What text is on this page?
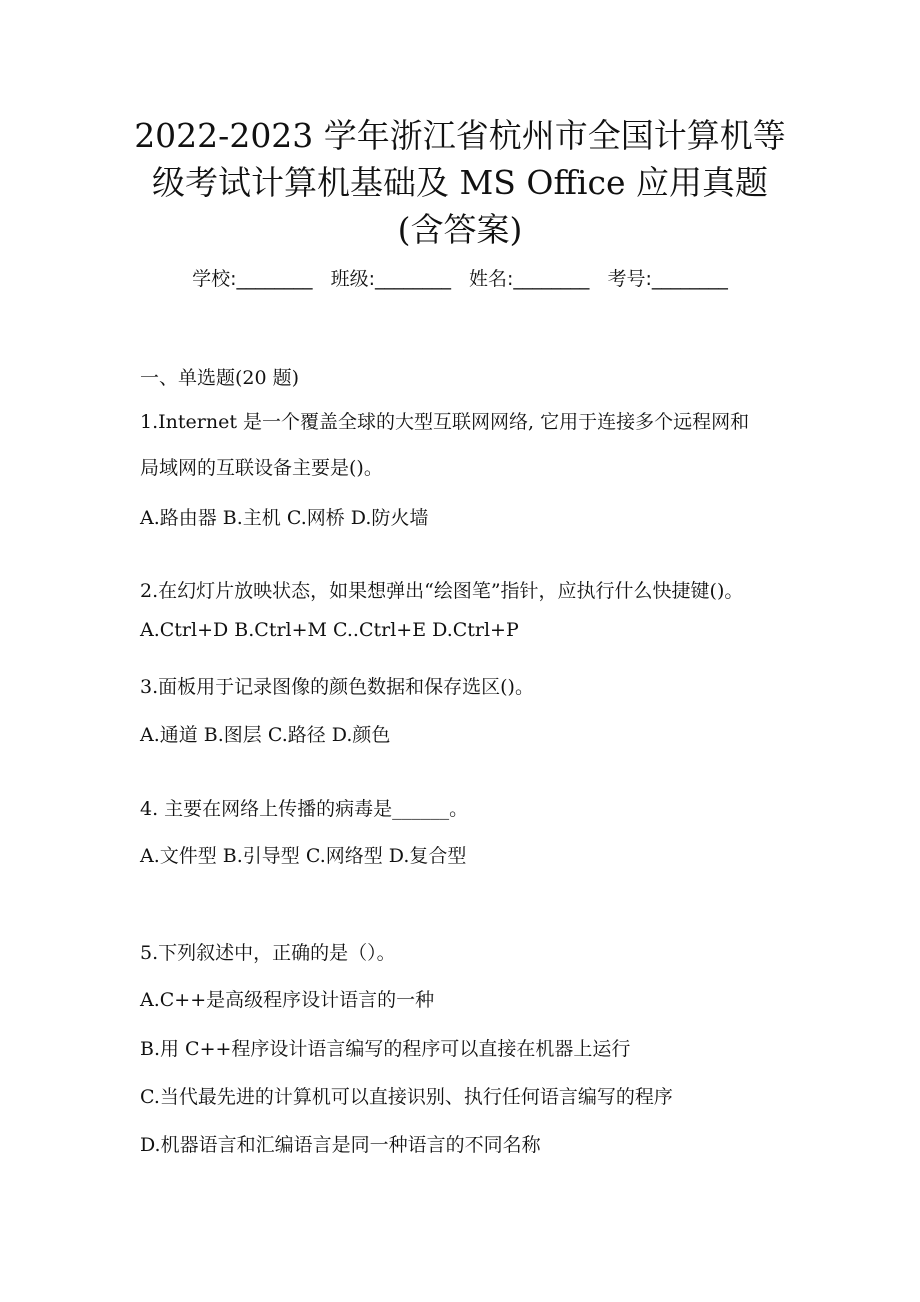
2022-2023 学年浙江省杭州市全国计算机等
级考试计算机基础及 MS Office 应用真题
(含答案)
学校:________ 班级:________ 姓名:________ 考号:________
一、单选题(20 题)
1.Internet 是一个覆盖全球的大型互联网网络, 它用于连接多个远程网和
局域网的互联设备主要是()。
A.路由器 B.主机 C.网桥 D.防火墙
2.在幻灯片放映状态，如果想弹出“绘图笔”指针，应执行什么快捷键()。
A.Ctrl+D B.Ctrl+M C..Ctrl+E D.Ctrl+P
3.面板用于记录图像的颜色数据和保存选区()。
A.通道 B.图层 C.路径 D.颜色
4. 主要在网络上传播的病毒是______。
A.文件型 B.引导型 C.网络型 D.复合型
5.下列叙述中，正确的是（）。
A.C++是高级程序设计语言的一种
B.用 C++程序设计语言编写的程序可以直接在机器上运行
C.当代最先进的计算机可以直接识别、执行任何语言编写的程序
D.机器语言和汇编语言是同一种语言的不同名称
